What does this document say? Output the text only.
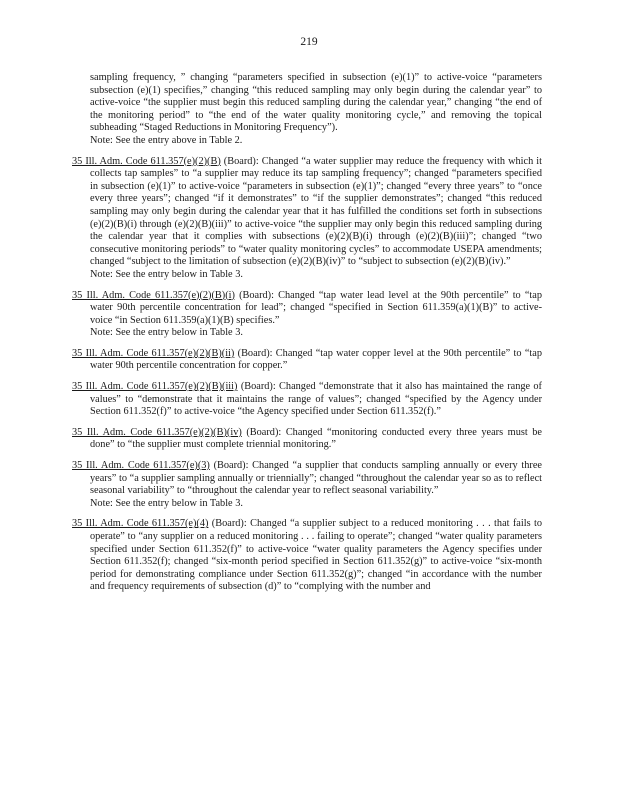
219

sampling frequency, ” changing “parameters specified in subsection (e)(1)” to active-voice “parameters subsection (e)(1) specifies,” changing “this reduced sampling may only begin during the calendar year” to active-voice “the supplier must begin this reduced sampling during the calendar year,” changing “the end of the monitoring period” to “the end of the water quality monitoring cycle,” and removing the topical subheading “Staged Reductions in Monitoring Frequency”).
Note: See the entry above in Table 2.

35 Ill. Adm. Code 611.357(e)(2)(B) (Board): Changed “a water supplier may reduce the frequency with which it collects tap samples” to “a supplier may reduce its tap sampling frequency”; changed “parameters specified in subsection (e)(1)” to active-voice “parameters in subsection (e)(1)”; changed “every three years” to “once every three years”; changed “if it demonstrates” to “if the supplier demonstrates”; changed “this reduced sampling may only begin during the calendar year that it has fulfilled the conditions set forth in subsections (e)(2)(B)(i) through (e)(2)(B)(iii)” to active-voice “the supplier may only begin this reduced sampling during the calendar year that it complies with subsections (e)(2)(B)(i) through (e)(2)(B)(iii)”; changed “two consecutive monitoring periods” to “water quality monitoring cycles” to accommodate USEPA amendments; changed “subject to the limitation of subsection (e)(2)(B)(iv)” to “subject to subsection (e)(2)(B)(iv).”
Note: See the entry below in Table 3.

35 Ill. Adm. Code 611.357(e)(2)(B)(i) (Board): Changed “tap water lead level at the 90th percentile” to “tap water 90th percentile concentration for lead”; changed “specified in Section 611.359(a)(1)(B)” to active-voice “in Section 611.359(a)(1)(B) specifies.”
Note: See the entry below in Table 3.

35 Ill. Adm. Code 611.357(e)(2)(B)(ii) (Board): Changed “tap water copper level at the 90th percentile” to “tap water 90th percentile concentration for copper.”

35 Ill. Adm. Code 611.357(e)(2)(B)(iii) (Board): Changed “demonstrate that it also has maintained the range of values” to “demonstrate that it maintains the range of values”; changed “specified by the Agency under Section 611.352(f)” to active-voice “the Agency specified under Section 611.352(f).”

35 Ill. Adm. Code 611.357(e)(2)(B)(iv) (Board): Changed “monitoring conducted every three years must be done” to “the supplier must complete triennial monitoring.”

35 Ill. Adm. Code 611.357(e)(3) (Board): Changed “a supplier that conducts sampling annually or every three years” to “a supplier sampling annually or triennially”; changed “throughout the calendar year so as to reflect seasonal variability” to “throughout the calendar year to reflect seasonal variability.”
Note: See the entry below in Table 3.

35 Ill. Adm. Code 611.357(e)(4) (Board): Changed “a supplier subject to a reduced monitoring . . . that fails to operate” to “any supplier on a reduced monitoring . . . failing to operate”; changed “water quality parameters specified under Section 611.352(f)” to active-voice “water quality parameters the Agency specifies under Section 611.352(f); changed “six-month period specified in Section 611.352(g)” to active-voice “six-month period for demonstrating compliance under Section 611.352(g)”; changed “in accordance with the number and frequency requirements of subsection (d)” to “complying with the number and
